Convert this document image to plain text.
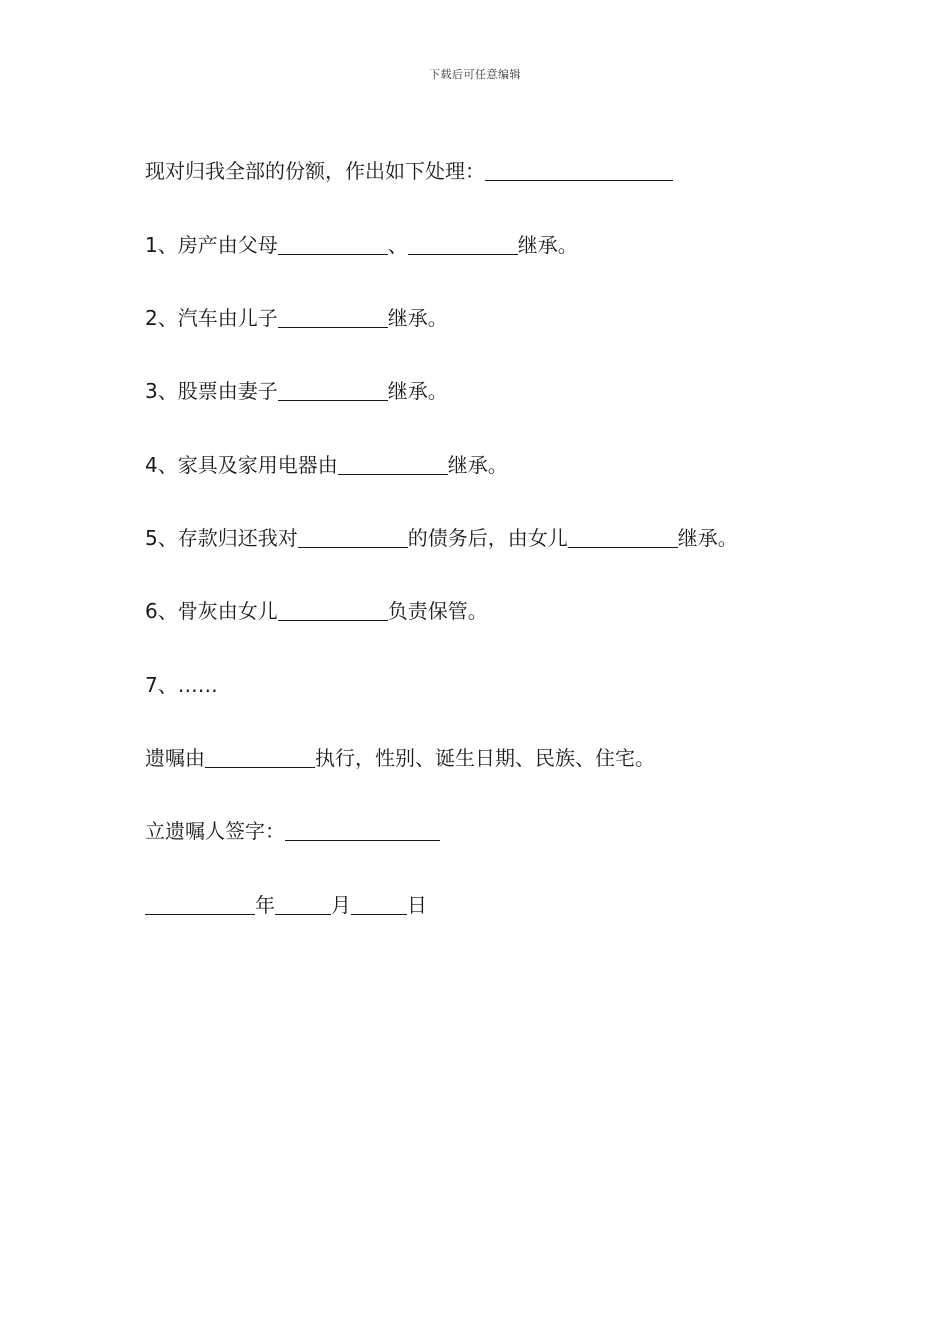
下载后可任意编辑
现对归我全部的份额，作出如下处理：
1、房产由父母	、	继承。
2、汽车由儿子	继承。
3、股票由妻子	继承。
4、家具及家用电器由	继承。
5、存款归还我对	的债务后，由女儿	继承。
6、骨灰由女儿	负责保管。
7、……
遗嘱由	执行，性别、诞生日期、民族、住宅。
立遗嘱人签字：
年	月	日
